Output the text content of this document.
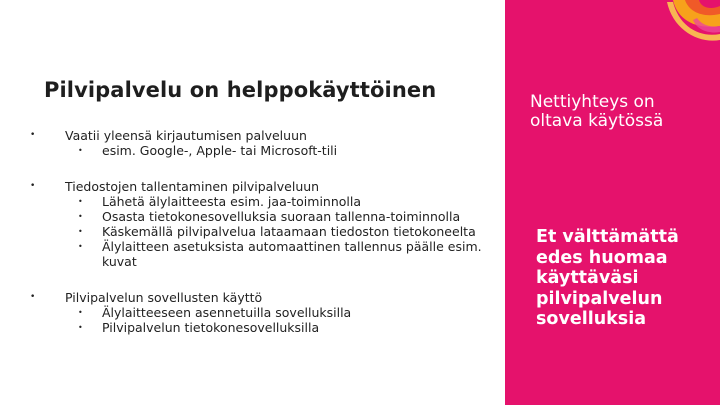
Pilvipalvelu on helppokäyttöinen
• Vaatii yleensä kirjautumisen palveluun
• esim. Google-, Apple- tai Microsoft-tili
• Tiedostojen tallentaminen pilvipalveluun
• Lähetä älylaitteesta esim. jaa-toiminnolla
• Osasta tietokonesovelluksia suoraan tallenna-toiminnolla
• Käskemällä pilvipalvelua lataamaan tiedoston tietokoneelta
• Älylaitteen asetuksista automaattinen tallennus päälle esim. kuvat
• Pilvipalvelun sovellusten käyttö
• Älylaitteeseen asennetuilla sovelluksilla
• Pilvipalvelun tietokonesovelluksilla
Nettiyhteys on oltava käytössä
Et välttämättä edes huomaa käyttäväsi pilvipalvelun sovelluksia
